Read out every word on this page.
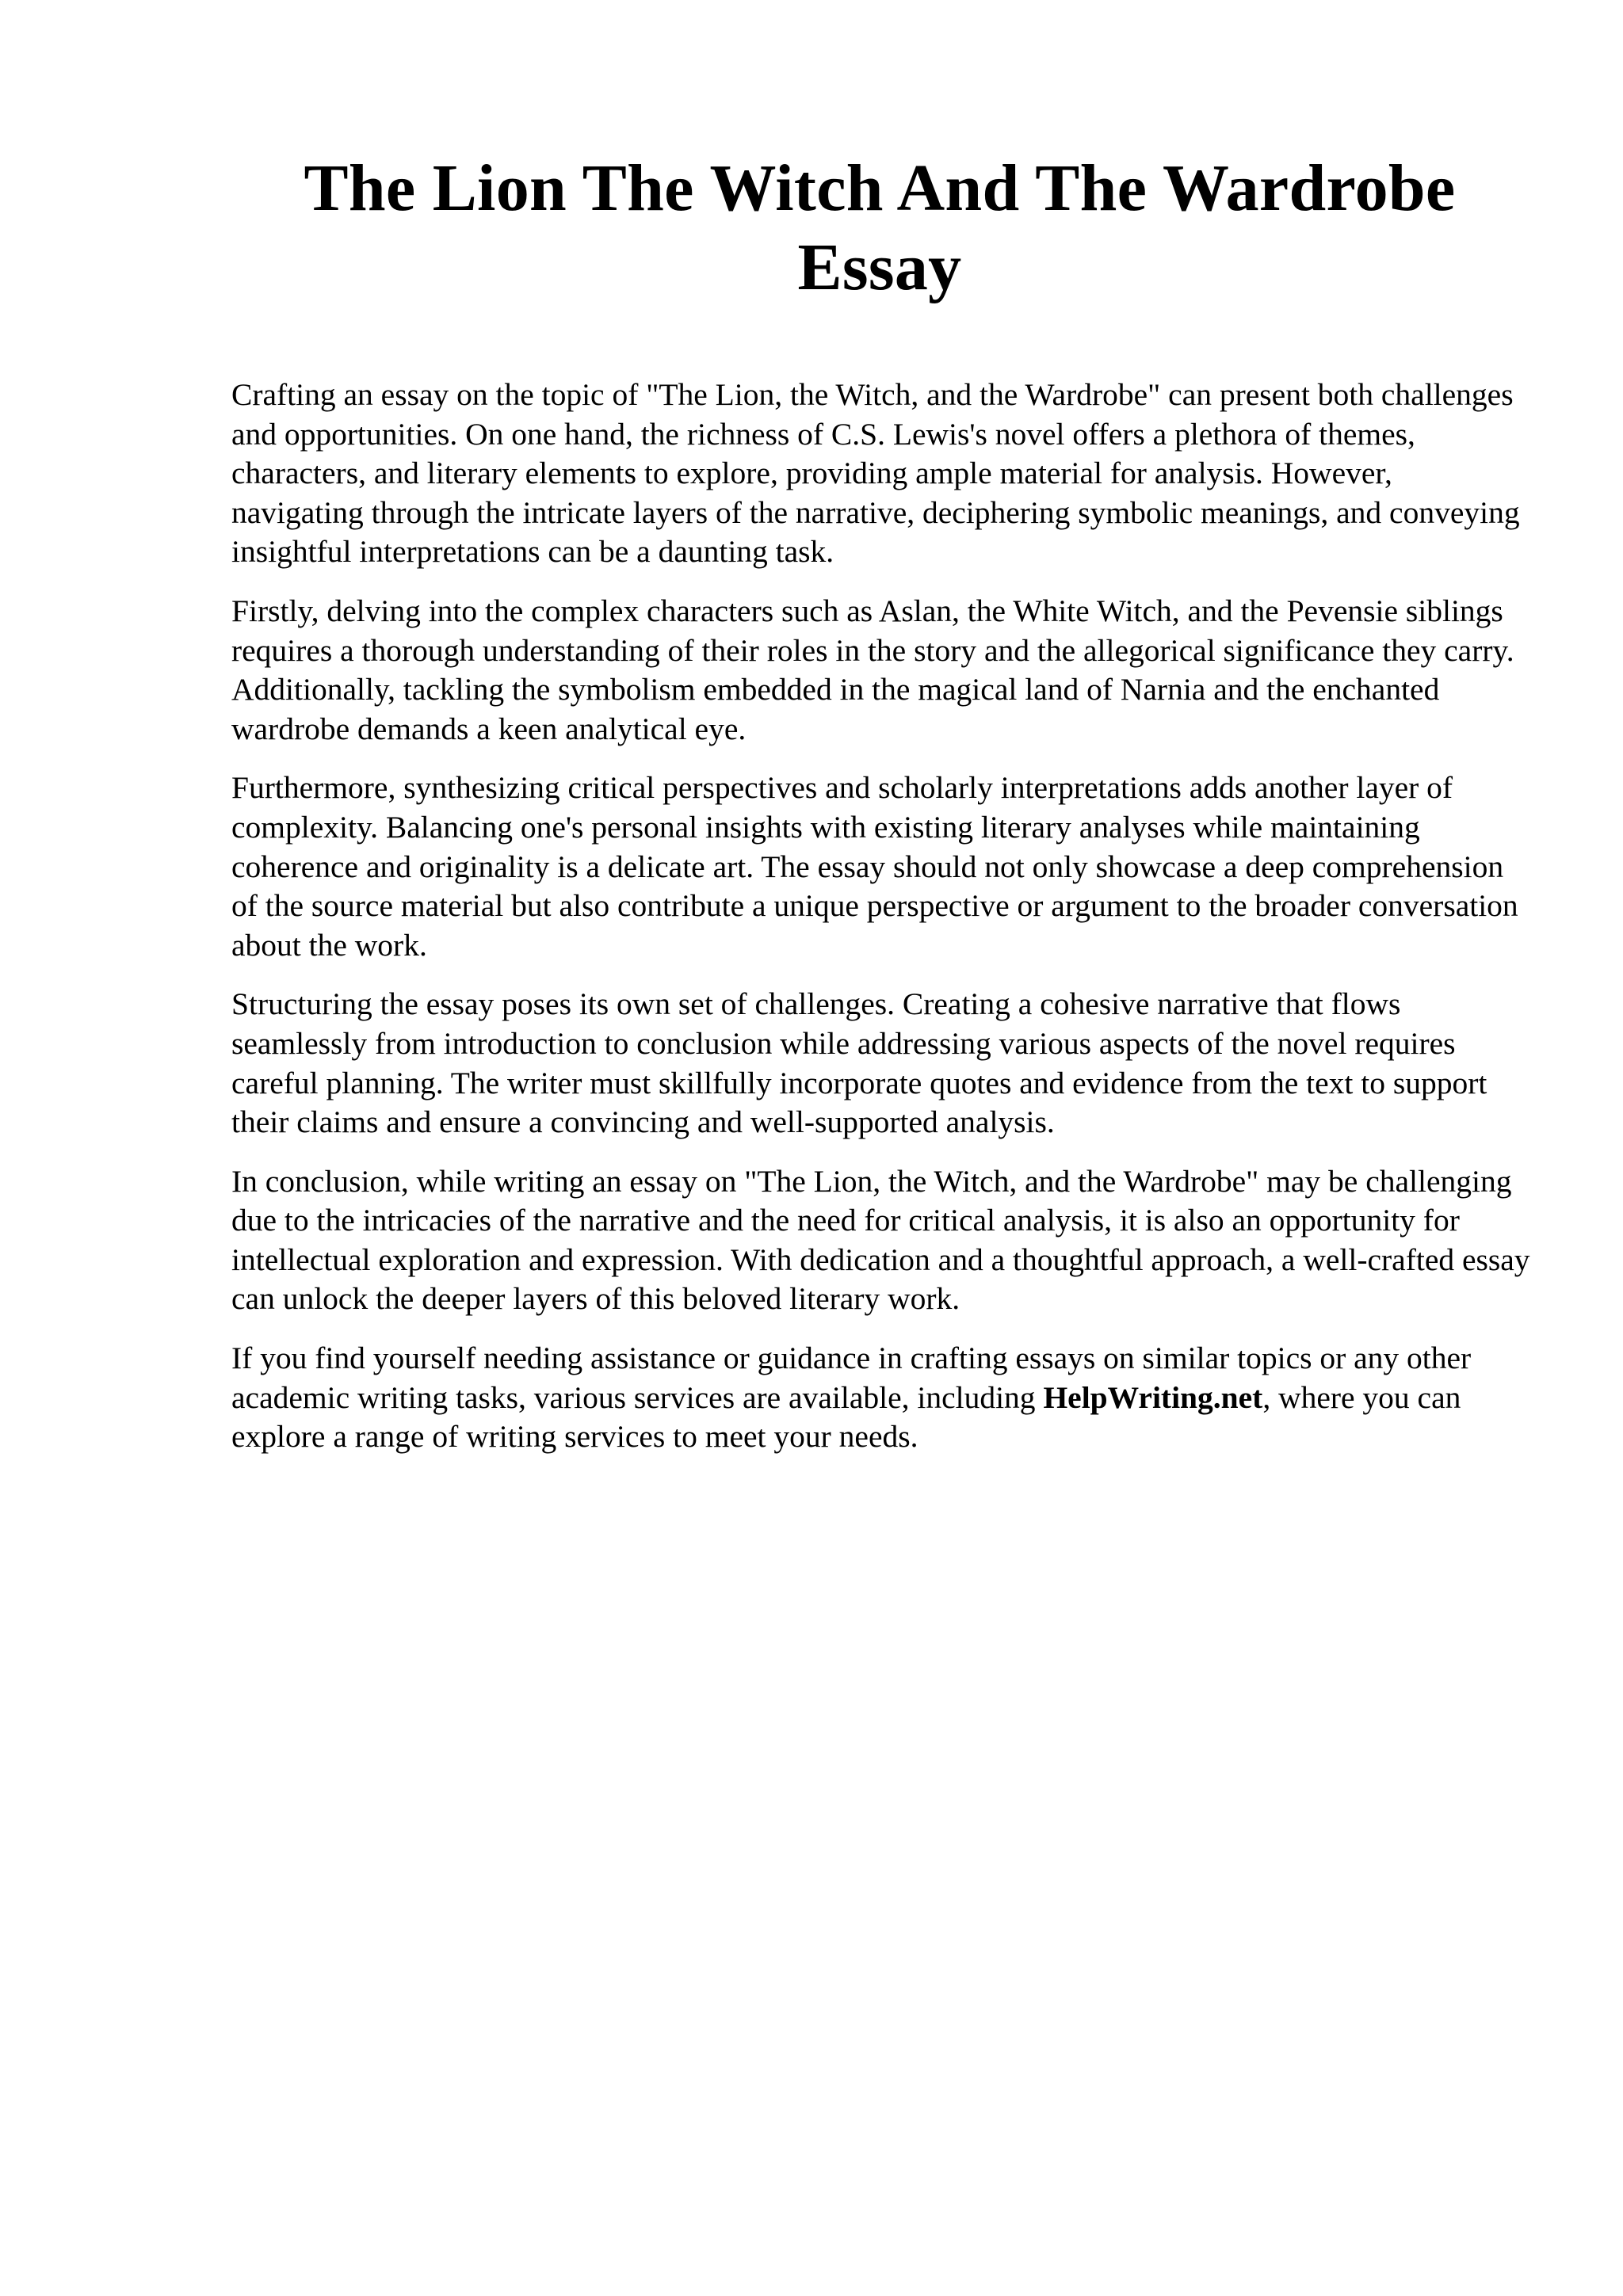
The Lion The Witch And The Wardrobe Essay

Crafting an essay on the topic of "The Lion, the Witch, and the Wardrobe" can present both challenges and opportunities. On one hand, the richness of C.S. Lewis's novel offers a plethora of themes, characters, and literary elements to explore, providing ample material for analysis. However, navigating through the intricate layers of the narrative, deciphering symbolic meanings, and conveying insightful interpretations can be a daunting task.

Firstly, delving into the complex characters such as Aslan, the White Witch, and the Pevensie siblings requires a thorough understanding of their roles in the story and the allegorical significance they carry. Additionally, tackling the symbolism embedded in the magical land of Narnia and the enchanted wardrobe demands a keen analytical eye.

Furthermore, synthesizing critical perspectives and scholarly interpretations adds another layer of complexity. Balancing one's personal insights with existing literary analyses while maintaining coherence and originality is a delicate art. The essay should not only showcase a deep comprehension of the source material but also contribute a unique perspective or argument to the broader conversation about the work.

Structuring the essay poses its own set of challenges. Creating a cohesive narrative that flows seamlessly from introduction to conclusion while addressing various aspects of the novel requires careful planning. The writer must skillfully incorporate quotes and evidence from the text to support their claims and ensure a convincing and well-supported analysis.

In conclusion, while writing an essay on "The Lion, the Witch, and the Wardrobe" may be challenging due to the intricacies of the narrative and the need for critical analysis, it is also an opportunity for intellectual exploration and expression. With dedication and a thoughtful approach, a well-crafted essay can unlock the deeper layers of this beloved literary work.

If you find yourself needing assistance or guidance in crafting essays on similar topics or any other academic writing tasks, various services are available, including HelpWriting.net, where you can explore a range of writing services to meet your needs.
